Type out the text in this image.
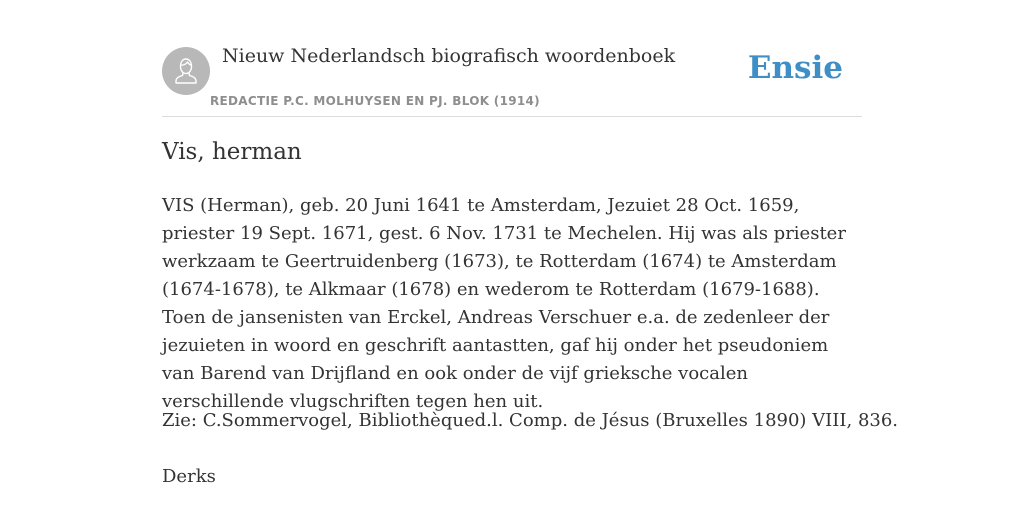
Nieuw Nederlandsch biografisch woordenboek
REDACTIE P.C. MOLHUYSEN EN PJ. BLOK (1914)
Ensie
Vis, herman

VIS (Herman), geb. 20 Juni 1641 te Amsterdam, Jezuiet 28 Oct. 1659, priester 19 Sept. 1671, gest. 6 Nov. 1731 te Mechelen. Hij was als priester werkzaam te Geertruidenberg (1673), te Rotterdam (1674) te Amsterdam (1674-1678), te Alkmaar (1678) en wederom te Rotterdam (1679-1688). Toen de jansenisten van Erckel, Andreas Verschuer e.a. de zedenleer der jezuieten in woord en geschrift aantastten, gaf hij onder het pseudoniem van Barend van Drijfland en ook onder de vijf grieksche vocalen verschillende vlugschriften tegen hen uit.

Zie: C.Sommervogel, Bibliothèqued.l. Comp. de Jésus (Bruxelles 1890) VIII, 836.

Derks
